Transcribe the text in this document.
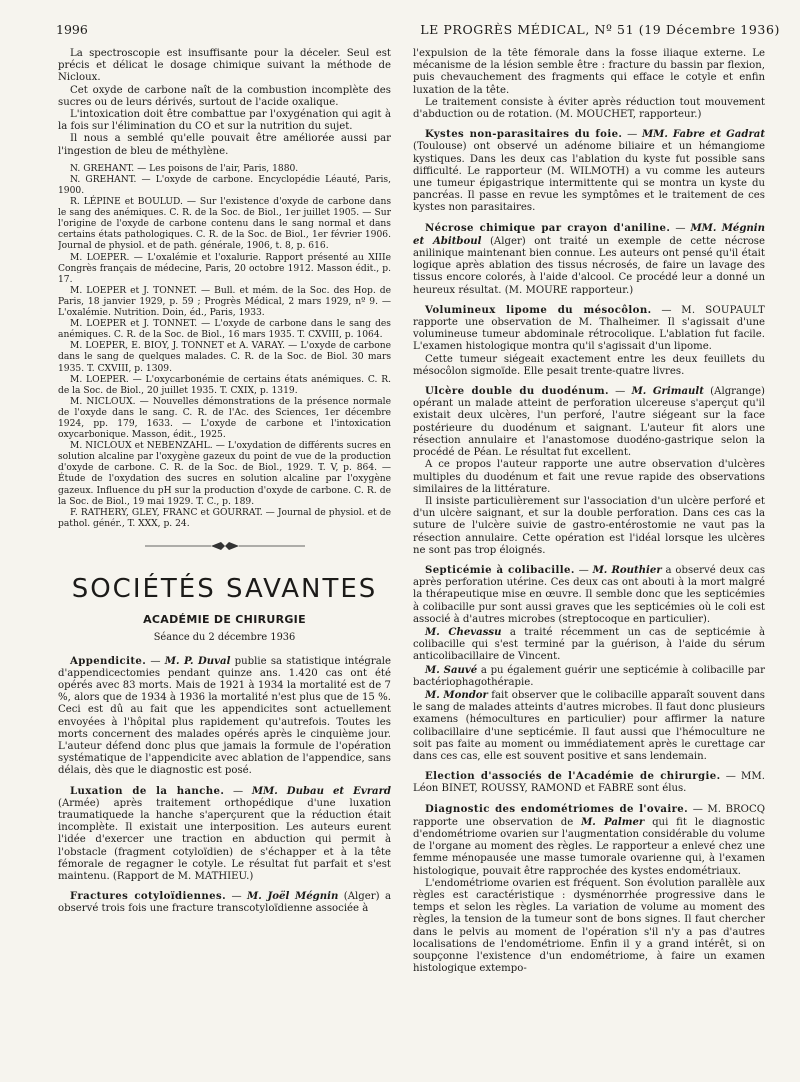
1996	LE PROGRÈS MÉDICAL, Nº 51 (19 Décembre 1936)

La spectroscopie est insuffisante pour la déceler. Seul est précis et délicat le dosage chimique suivant la méthode de Nicloux.

Cet oxyde de carbone naît de la combustion incomplète des sucres ou de leurs dérivés, surtout de l'acide oxalique.

L'intoxication doit être combattue par l'oxygénation qui agit à la fois sur l'élimination du CO et sur la nutrition du sujet.

Il nous a semblé qu'elle pouvait être améliorée aussi par l'ingestion de bleu de méthylène.

N. GREHANT. — Les poisons de l'air, Paris, 1880.

N. GREHANT. — L'oxyde de carbone. Encyclopédie Léauté, Paris, 1900.

R. LÉPINE et BOULUD. — Sur l'existence d'oxyde de carbone dans le sang des anémiques. C. R. de la Soc. de Biol., 1er juillet 1905. — Sur l'origine de l'oxyde de carbone contenu dans le sang normal et dans certains états pathologiques. C. R. de la Soc. de Biol., 1er février 1906. Journal de physiol. et de path. générale, 1906, t. 8, p. 616.

M. LOEPER. — L'oxalémie et l'oxalurie. Rapport présenté au XIIIe Congrès français de médecine, Paris, 20 octobre 1912. Masson édit., p. 17.

M. LOEPER et J. TONNET. — Bull. et mém. de la Soc. des Hop. de Paris, 18 janvier 1929, p. 59 ; Progrès Médical, 2 mars 1929, nº 9. — L'oxalémie. Nutrition. Doin, éd., Paris, 1933.

M. LOEPER et J. TONNET. — L'oxyde de carbone dans le sang des anémiques. C. R. de la Soc. de Biol., 16 mars 1935. T. CXVIII, p. 1064.

M. LOEPER, E. BIOY, J. TONNET et A. VARAY. — L'oxyde de carbone dans le sang de quelques malades. C. R. de la Soc. de Biol. 30 mars 1935. T. CXVIII, p. 1309.

M. LOEPER. — L'oxycarbonémie de certains états anémiques. C. R. de la Soc. de Biol., 20 juillet 1935. T. CXIX, p. 1319.

M. NICLOUX. — Nouvelles démonstrations de la présence normale de l'oxyde dans le sang. C. R. de l'Ac. des Sciences, 1er décembre 1924, pp. 179, 1633. — L'oxyde de carbone et l'intoxication oxycarbonique. Masson, édit., 1925.

M. NICLOUX et NEBENZAHL. — L'oxydation de différents sucres en solution alcaline par l'oxygène gazeux du point de vue de la production d'oxyde de carbone. C. R. de la Soc. de Biol., 1929. T. V, p. 864. — Étude de l'oxydation des sucres en solution alcaline par l'oxygène gazeux. Influence du pH sur la production d'oxyde de carbone. C. R. de la Soc. de Biol., 19 mai 1929. T. C., p. 189.

F. RATHERY, GLEY, FRANC et GOURRAT. — Journal de physiol. et de pathol. génér., T. XXX, p. 24.

SOCIÉTÉS SAVANTES
ACADÉMIE DE CHIRURGIE
Séance du 2 décembre 1936

Appendicite. — M. P. Duval publie sa statistique intégrale d'appendicectomies pendant quinze ans. 1.420 cas ont été opérés avec 83 morts. Mais de 1921 à 1934 la mortalité est de 7 %, alors que de 1934 à 1936 la mortalité n'est plus que de 15 %. Ceci est dû au fait que les appendicites sont actuellement envoyées à l'hôpital plus rapidement qu'autrefois. Toutes les morts concernent des malades opérés après le cinquième jour. L'auteur défend donc plus que jamais la formule de l'opération systématique de l'appendicite avec ablation de l'appendice, sans délais, dès que le diagnostic est posé.

Luxation de la hanche. — MM. Dubau et Evrard (Armée) après traitement orthopédique d'une luxation traumatiquede la hanche s'aperçurent que la réduction était incomplète. Il existait une interposition. Les auteurs eurent l'idée d'exercer une traction en abduction qui permit à l'obstacle (fragment cotyloïdien) de s'échapper et à la tête fémorale de regagner le cotyle. Le résultat fut parfait et s'est maintenu. (Rapport de M. MATHIEU.)

Fractures cotyloïdiennes. — M. Joël Mégnin (Alger) a observé trois fois une fracture transcotyloïdienne associée à

l'expulsion de la tête fémorale dans la fosse iliaque externe. Le mécanisme de la lésion semble être : fracture du bassin par flexion, puis chevauchement des fragments qui efface le cotyle et enfin luxation de la tête.

Le traitement consiste à éviter après réduction tout mouvement d'abduction ou de rotation. (M. MOUCHET, rapporteur.)

Kystes non-parasitaires du foie. — MM. Fabre et Gadrat (Toulouse) ont observé un adénome biliaire et un hémangiome kystiques. Dans les deux cas l'ablation du kyste fut possible sans difficulté. Le rapporteur (M. WILMOTH) a vu comme les auteurs une tumeur épigastrique intermittente qui se montra un kyste du pancréas. Il passe en revue les symptômes et le traitement de ces kystes non parasitaires.

Nécrose chimique par crayon d'aniline. — MM. Mégnin et Abitboul (Alger) ont traité un exemple de cette nécrose anilinique maintenant bien connue. Les auteurs ont pensé qu'il était logique après ablation des tissus nécrosés, de faire un lavage des tissus encore colorés, à l'aide d'alcool. Ce procédé leur a donné un heureux résultat. (M. MOURE rapporteur.)

Volumineux lipome du mésocôlon. — M. SOUPAULT rapporte une observation de M. Thalheimer. Il s'agissait d'une volumineuse tumeur abdominale rétrocolique. L'ablation fut facile. L'examen histologique montra qu'il s'agissait d'un lipome.

Cette tumeur siégeait exactement entre les deux feuillets du mésocôlon sigmoïde. Elle pesait trente-quatre livres.

Ulcère double du duodénum. — M. Grimault (Algrange) opérant un malade atteint de perforation ulcereuse s'aperçut qu'il existait deux ulcères, l'un perforé, l'autre siégeant sur la face postérieure du duodénum et saignant. L'auteur fit alors une résection annulaire et l'anastomose duodéno-gastrique selon la procédé de Péan. Le résultat fut excellent.

A ce propos l'auteur rapporte une autre observation d'ulcères multiples du duodénum et fait une revue rapide des observations similaires de la littérature.

Il insiste particulièrement sur l'association d'un ulcère perforé et d'un ulcère saignant, et sur la double perforation. Dans ces cas la suture de l'ulcère suivie de gastro-entérostomie ne vaut pas la résection annulaire. Cette opération est l'idéal lorsque les ulcères ne sont pas trop éloignés.

Septicémie à colibacille. — M. Routhier a observé deux cas après perforation utérine. Ces deux cas ont abouti à la mort malgré la thérapeutique mise en œuvre. Il semble donc que les septicémies à colibacille pur sont aussi graves que les septicémies où le coli est associé à d'autres microbes (streptocoque en particulier).

M. Chevassu a traité récemment un cas de septicémie à colibacille qui s'est terminé par la guérison, à l'aide du sérum anticolibacillaire de Vincent.

M. Sauvé a pu également guérir une septicémie à colibacille par bactériophagothérapie.

M. Mondor fait observer que le colibacille apparaît souvent dans le sang de malades atteints d'autres microbes. Il faut donc plusieurs examens (hémocultures en particulier) pour affirmer la nature colibacillaire d'une septicémie. Il faut aussi que l'hémoculture ne soit pas faite au moment ou immédiatement après le curettage car dans ces cas, elle est souvent positive et sans lendemain.

Election d'associés de l'Académie de chirurgie. — MM. Léon BINET, ROUSSY, RAMOND et FABRE sont élus.

Diagnostic des endométriomes de l'ovaire. — M. BROCQ rapporte une observation de M. Palmer qui fit le diagnostic d'endométriome ovarien sur l'augmentation considérable du volume de l'organe au moment des règles. Le rapporteur a enlevé chez une femme ménopausée une masse tumorale ovarienne qui, à l'examen histologique, pouvait être rapprochée des kystes endométriaux.

L'endométriome ovarien est fréquent. Son évolution parallèle aux règles est caractéristique : dysménorrhée progressive dans le temps et selon les règles. La variation de volume au moment des règles, la tension de la tumeur sont de bons signes. Il faut chercher dans le pelvis au moment de l'opération s'il n'y a pas d'autres localisations de l'endométriome. Enfin il y a grand intérêt, si on soupçonne l'existence d'un endométriome, à faire un examen histologique extempo-
